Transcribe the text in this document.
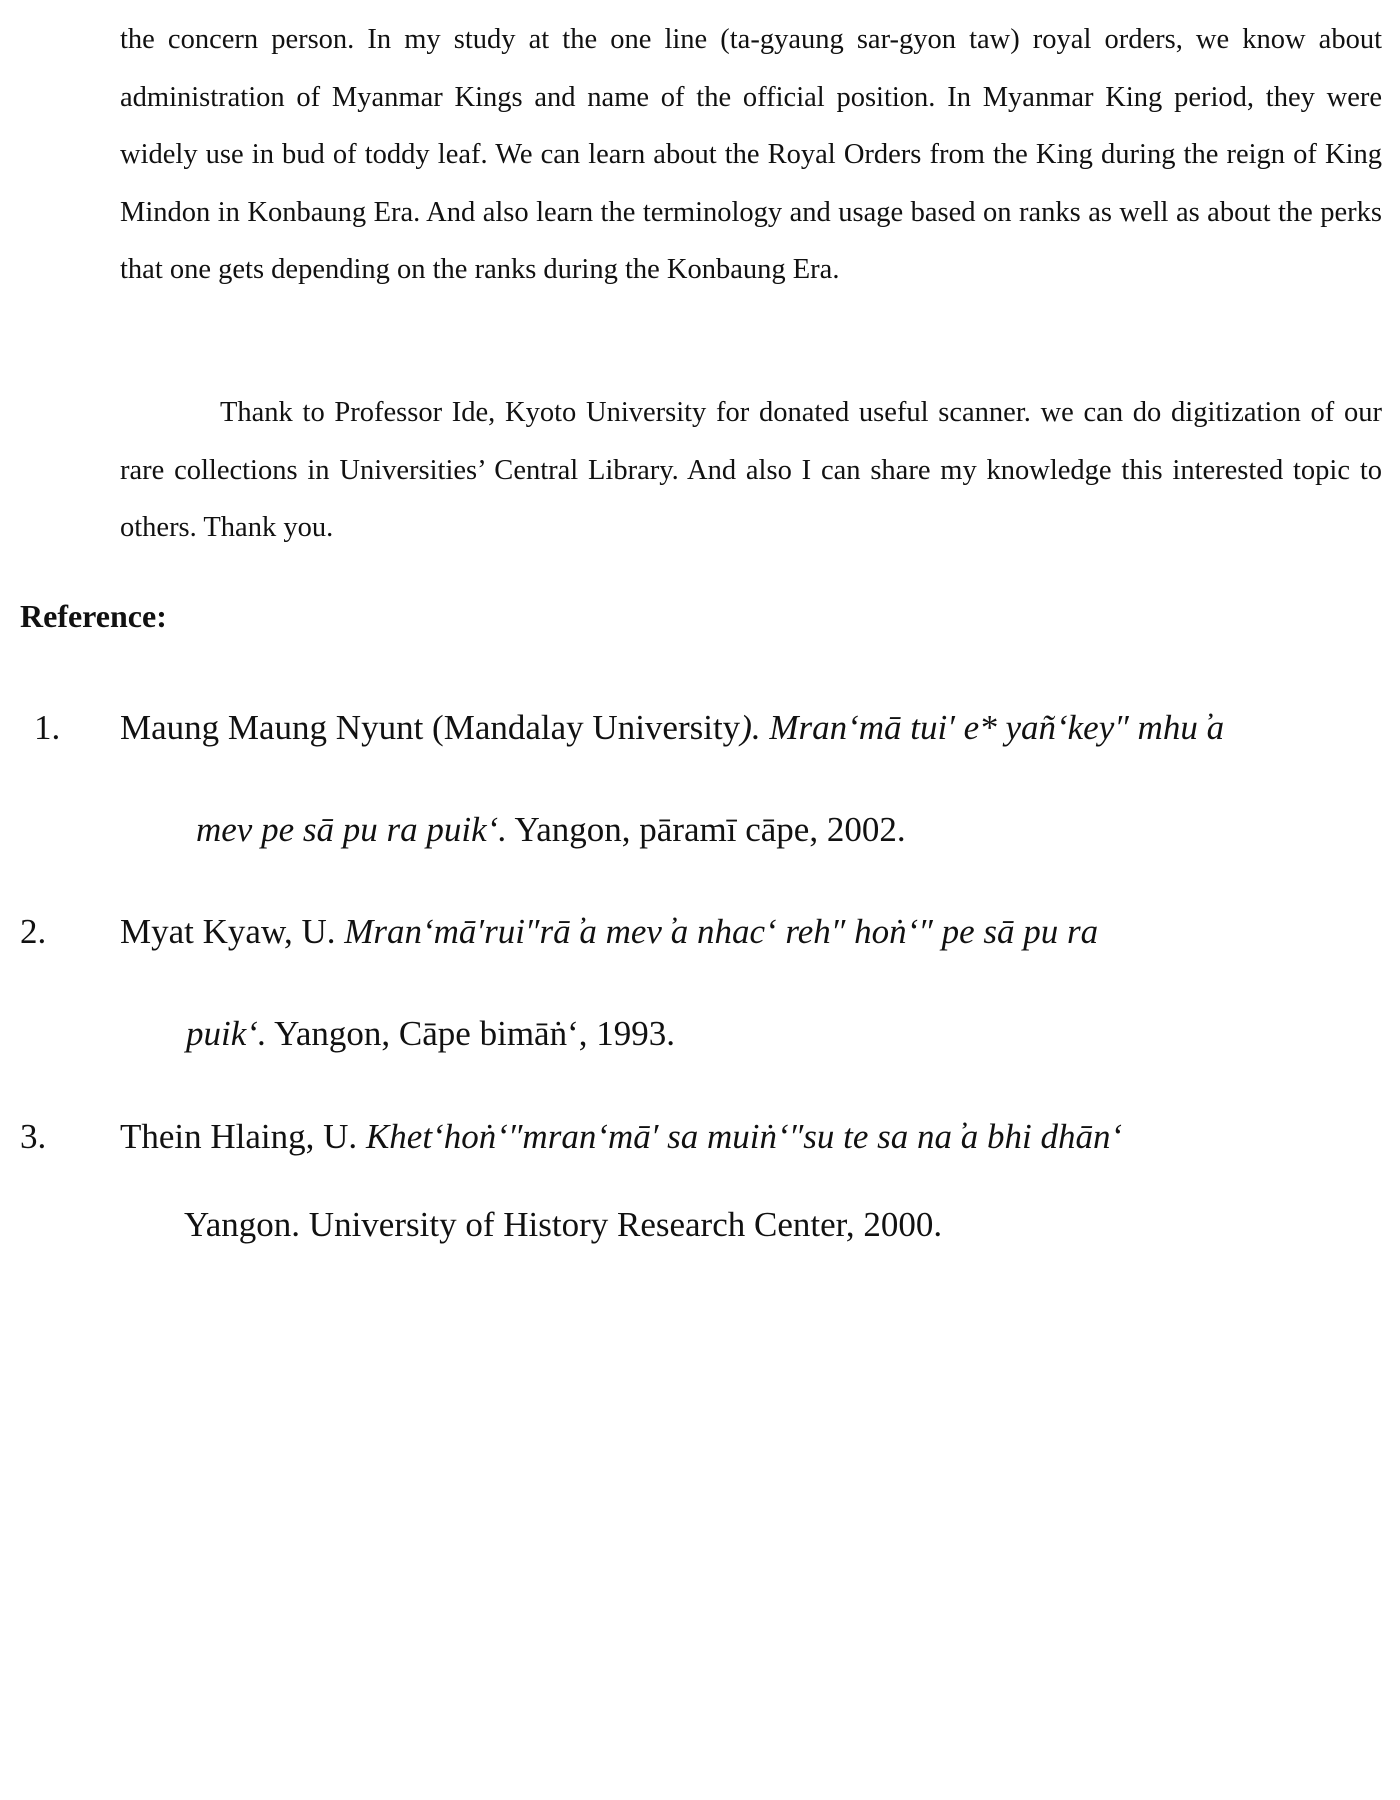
the concern person. In my study at the one line (ta-gyaung sar-gyon taw) royal orders, we know about administration of Myanmar Kings and name of the official position. In Myanmar King period, they were widely use in bud of toddy leaf. We can learn about the Royal Orders from the King during the reign of King Mindon in Konbaung Era. And also learn the terminology and usage based on ranks as well as about the perks that one gets depending on the ranks during the Konbaung Era.

Thank to Professor Ide, Kyoto University for donated useful scanner. we can do digitization of our rare collections in Universities’ Central Library. And also I can share my knowledge this interested topic to others. Thank you.

Reference:
1. Maung Maung Nyunt (Mandalay University). Mran‘mā tui′ e* yañ‘key″ mhu ̓a

mev pe sā pu ra puik‘. Yangon, pāramī cāpe, 2002.

2. Myat Kyaw, U. Mran‘mā′rui″rā ̓a mev ̓a nhac‘ reh″ hoṅ‘″ pe sā pu ra

puik‘. Yangon, Cāpe bimāṅ‘, 1993.

3. Thein Hlaing, U. Khet‘hoṅ‘″mran‘mā′ sa muiṅ‘″su te sa na ̓a bhi dhān‘

Yangon. University of History Research Center, 2000.
